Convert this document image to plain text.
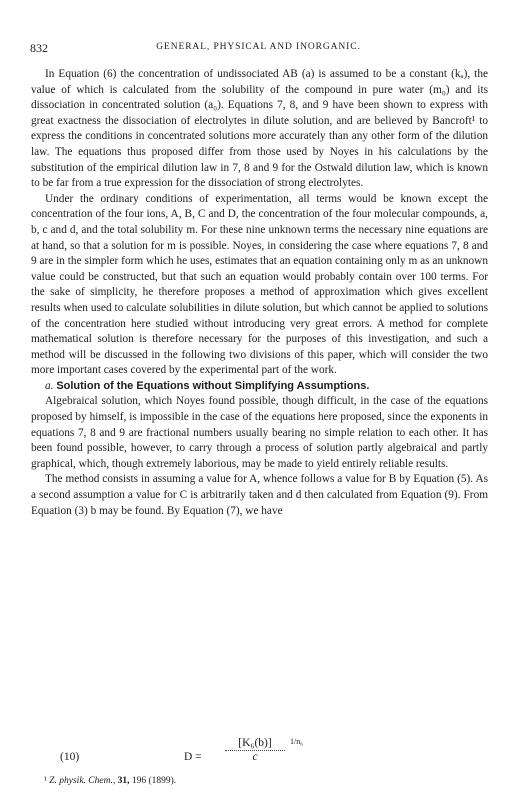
832	GENERAL, PHYSICAL AND INORGANIC.

In Equation (6) the concentration of undissociated AB (a) is assumed to be a constant (kₐ), the value of which is calculated from the solubility of the compound in pure water (m₀) and its dissociation in concentrated solution (a₀). Equations 7, 8, and 9 have been shown to express with great exactness the dissociation of electrolytes in dilute solution, and are believed by Bancroft¹ to express the conditions in concentrated solutions more accurately than any other form of the dilution law. The equations thus proposed differ from those used by Noyes in his calculations by the substitution of the empirical dilution law in 7, 8 and 9 for the Ostwald dilution law, which is known to be far from a true expression for the dissociation of strong electrolytes.

Under the ordinary conditions of experimentation, all terms would be known except the concentration of the four ions, A, B, C and D, the concentration of the four molecular compounds, a, b, c and d, and the total solubility m. For these nine unknown terms the necessary nine equations are at hand, so that a solution for m is possible. Noyes, in considering the case where equations 7, 8 and 9 are in the simpler form which he uses, estimates that an equation containing only m as an unknown value could be constructed, but that such an equation would probably contain over 100 terms. For the sake of simplicity, he therefore proposes a method of approximation which gives excellent results when used to calculate solubilities in dilute solution, but which cannot be applied to solutions of the concentration here studied without introducing very great errors. A method for complete mathematical solution is therefore necessary for the purposes of this investigation, and such a method will be discussed in the following two divisions of this paper, which will consider the two more important cases covered by the experimental part of the work.

a. Solution of the Equations without Simplifying Assumptions.

Algebraical solution, which Noyes found possible, though difficult, in the case of the equations proposed by himself, is impossible in the case of the equations here proposed, since the exponents in equations 7, 8 and 9 are fractional numbers usually bearing no simple relation to each other. It has been found possible, however, to carry through a process of solution partly algebraical and partly graphical, which, though extremely laborious, may be made to yield entirely reliable results.

The method consists in assuming a value for A, whence follows a value for B by Equation (5). As a second assumption a value for C is arbitrarily taken and d then calculated from Equation (9). From Equation (3) b may be found. By Equation (7), we have

(10)	$D = \frac{\text{[K₆(b)]}}{c} 1/n_6$
¹ Z. physik. Chem., 31, 196 (1899).
